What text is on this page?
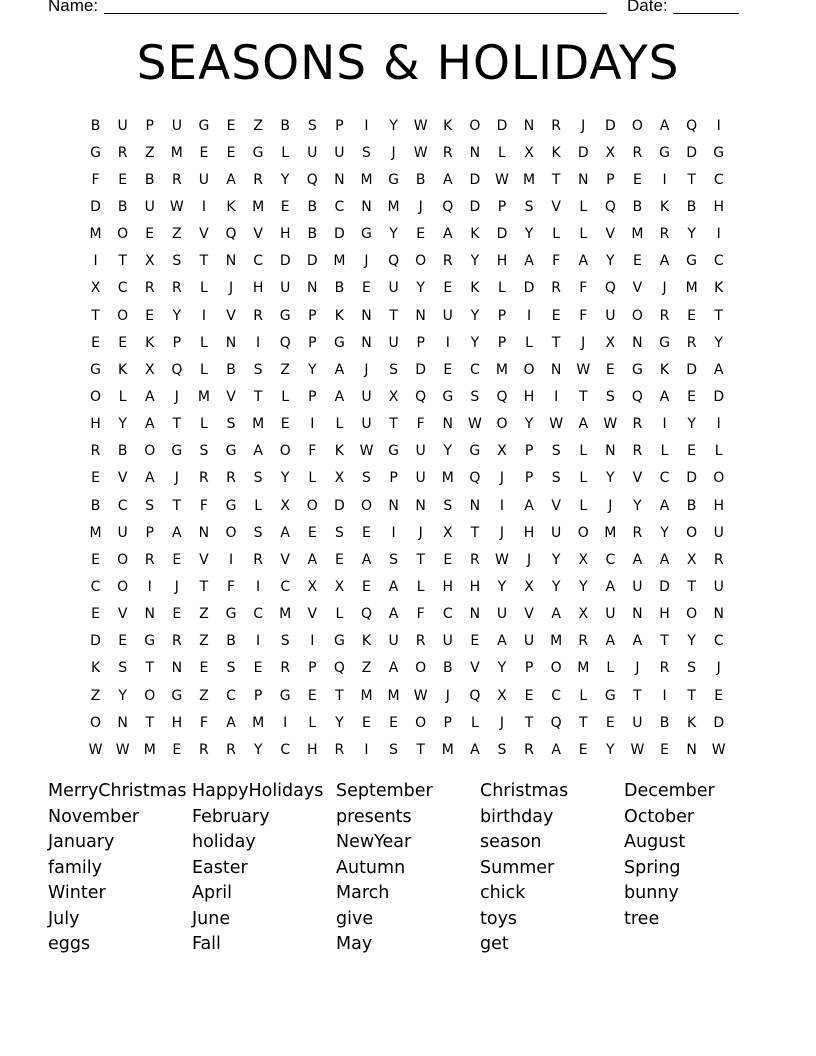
Name:	Date:
SEASONS & HOLIDAYS
B	U	P	U	G	E	Z	B	S	P	I	Y	W	K	O	D	N	R	J	D	O	A	Q	I
G	R	Z	M	E	E	G	L	U	U	S	J	W	R	N	L	X	K	D	X	R	G	D	G
F	E	B	R	U	A	R	Y	Q	N	M	G	B	A	D	W	M	T	N	P	E	I	T	C
D	B	U	W	I	K	M	E	B	C	N	M	J	Q	D	P	S	V	L	Q	B	K	B	H
M	O	E	Z	V	Q	V	H	B	D	G	Y	E	A	K	D	Y	L	L	V	M	R	Y	I
I	T	X	S	T	N	C	D	D	M	J	Q	O	R	Y	H	A	F	A	Y	E	A	G	C
X	C	R	R	L	J	H	U	N	B	E	U	Y	E	K	L	D	R	F	Q	V	J	M	K
T	O	E	Y	I	V	R	G	P	K	N	T	N	U	Y	P	I	E	F	U	O	R	E	T
E	E	K	P	L	N	I	Q	P	G	N	U	P	I	Y	P	L	T	J	X	N	G	R	Y
G	K	X	Q	L	B	S	Z	Y	A	J	S	D	E	C	M	O	N	W	E	G	K	D	A
O	L	A	J	M	V	T	L	P	A	U	X	Q	G	S	Q	H	I	T	S	Q	A	E	D
H	Y	A	T	L	S	M	E	I	L	U	T	F	N	W	O	Y	W	A	W	R	I	Y	I
R	B	O	G	S	G	A	O	F	K	W	G	U	Y	G	X	P	S	L	N	R	L	E	L
E	V	A	J	R	R	S	Y	L	X	S	P	U	M	Q	J	P	S	L	Y	V	C	D	O
B	C	S	T	F	G	L	X	O	D	O	N	N	S	N	I	A	V	L	J	Y	A	B	H
M	U	P	A	N	O	S	A	E	S	E	I	J	X	T	J	H	U	O	M	R	Y	O	U
E	O	R	E	V	I	R	V	A	E	A	S	T	E	R	W	J	Y	X	C	A	A	X	R
C	O	I	J	T	F	I	C	X	X	E	A	L	H	H	Y	X	Y	Y	A	U	D	T	U
E	V	N	E	Z	G	C	M	V	L	Q	A	F	C	N	U	V	A	X	U	N	H	O	N
D	E	G	R	Z	B	I	S	I	G	K	U	R	U	E	A	U	M	R	A	A	T	Y	C
K	S	T	N	E	S	E	R	P	Q	Z	A	O	B	V	Y	P	O	M	L	J	R	S	J
Z	Y	O	G	Z	C	P	G	E	T	M	M	W	J	Q	X	E	C	L	G	T	I	T	E
O	N	T	H	F	A	M	I	L	Y	E	E	O	P	L	J	T	Q	T	E	U	B	K	D
W W	M	E	R	R	Y	C	H	R	I	S	T	M	A	S	R	A	E	Y	W	E	N	W
MerryChristmas HappyHolidays September	Christmas	December
November	February	presents	birthday	October
January	holiday	NewYear	season	August
family	Easter	Autumn	Summer	Spring
Winter	April	March	chick	bunny
July	June	give	toys	tree
eggs	Fall	May	get
